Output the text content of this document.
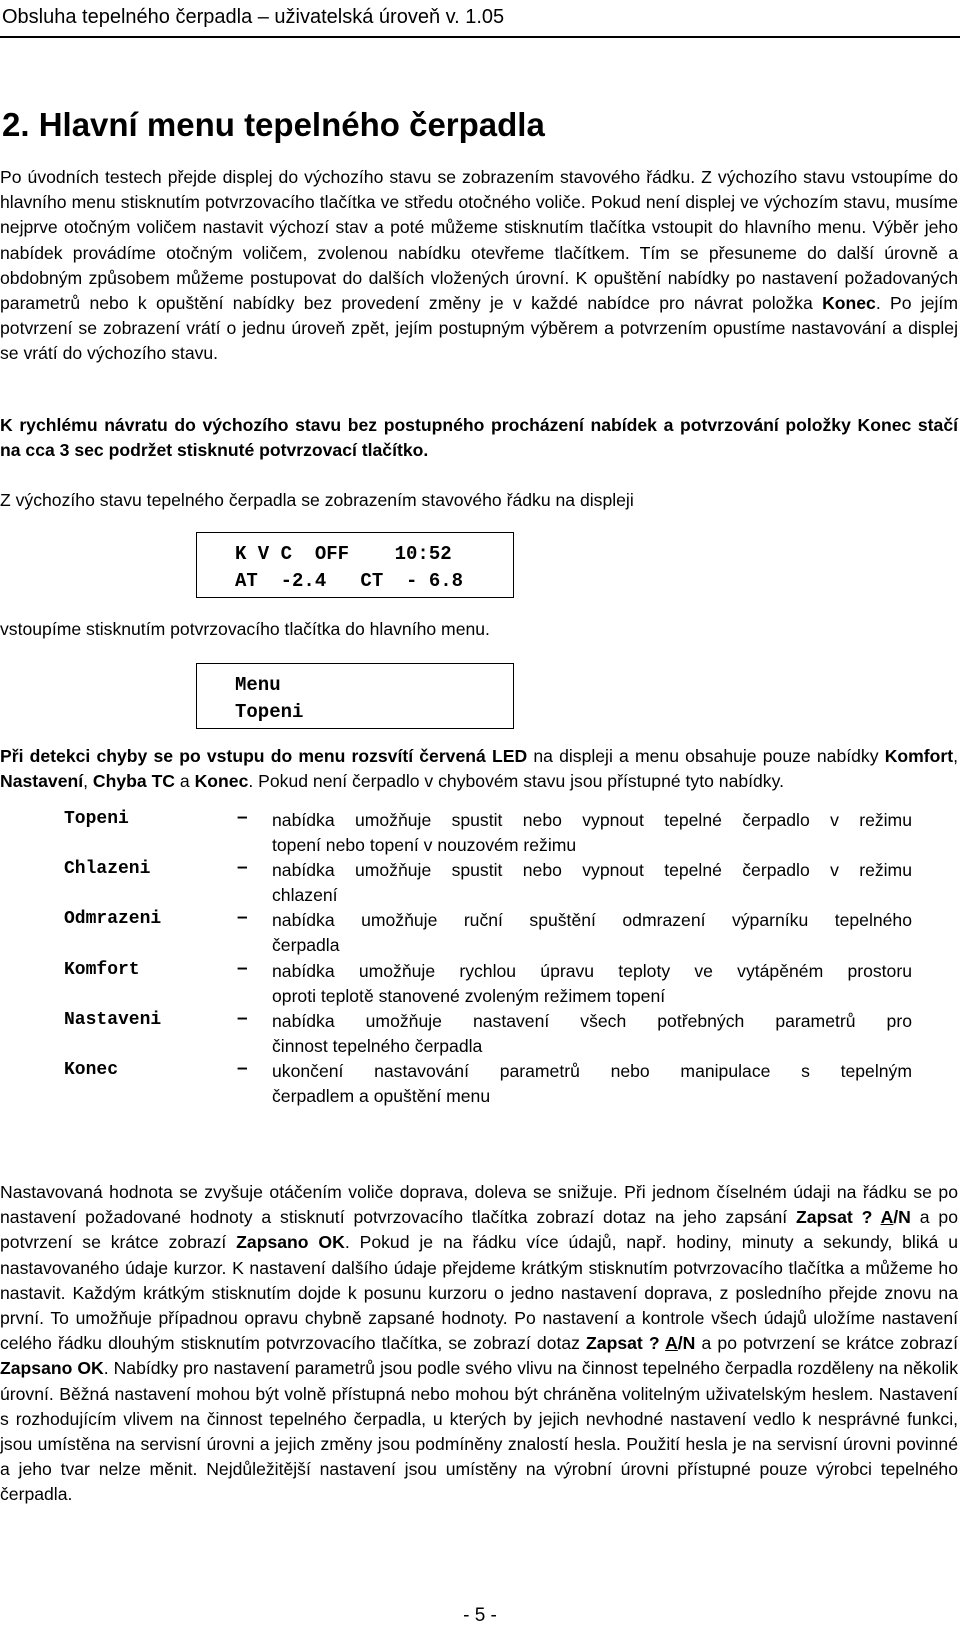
Obsluha tepelného čerpadla – uživatelská úroveň v. 1.05
2. Hlavní menu tepelného čerpadla

Po úvodních testech přejde displej do výchozího stavu se zobrazením stavového řádku. Z výchozího stavu vstoupíme do hlavního menu stisknutím potvrzovacího tlačítka ve středu otočného voliče. Pokud není displej ve výchozím stavu, musíme nejprve otočným voličem nastavit výchozí stav a poté můžeme stisknutím tlačítka vstoupit do hlavního menu. Výběr jeho nabídek provádíme otočným voličem, zvolenou nabídku otevřeme tlačítkem. Tím se přesuneme do další úrovně a obdobným způsobem můžeme postupovat do dalších vložených úrovní. K opuštění nabídky po nastavení požadovaných parametrů nebo k opuštění nabídky bez provedení změny je v každé nabídce pro návrat položka Konec. Po jejím potvrzení se zobrazení vrátí o jednu úroveň zpět, jejím postupným výběrem a potvrzením opustíme nastavování a displej se vrátí do výchozího stavu.

K rychlému návratu do výchozího stavu bez postupného procházení nabídek a potvrzování položky Konec stačí na cca 3 sec podržet stisknuté potvrzovací tlačítko.

Z výchozího stavu tepelného čerpadla se zobrazením stavového řádku na displeji

K V C  OFF    10:52
AT  -2.4   CT  - 6.8

vstoupíme stisknutím potvrzovacího tlačítka do hlavního menu.

Menu
Topeni

Při detekci chyby se po vstupu do menu rozsvítí červená LED na displeji a menu obsahuje pouze nabídky Komfort, Nastavení, Chyba TC a Konec. Pokud není čerpadlo v chybovém stavu jsou přístupné tyto nabídky.

Topeni	– nabídka umožňuje spustit nebo vypnout tepelné čerpadlo v režimu
topení nebo topení v nouzovém režimu

Chlazeni	– nabídka umožňuje spustit nebo vypnout tepelné čerpadlo v režimu
chlazení

Odmrazeni	– nabídka umožňuje ruční spuštění odmrazení výparníku tepelného
čerpadla

Komfort	– nabídka umožňuje rychlou úpravu teploty ve vytápěném prostoru
oproti teplotě stanovené zvoleným režimem topení

Nastaveni	– nabídka umožňuje nastavení všech potřebných parametrů pro
činnost tepelného čerpadla

Konec	– ukončení nastavování parametrů nebo manipulace s tepelným
čerpadlem a opuštění menu

Nastavovaná hodnota se zvyšuje otáčením voliče doprava, doleva se snižuje. Při jednom číselném údaji na řádku se po nastavení požadované hodnoty a stisknutí potvrzovacího tlačítka zobrazí dotaz na jeho zapsání Zapsat ? A/N a po potvrzení se krátce zobrazí Zapsano OK. Pokud je na řádku více údajů, např. hodiny, minuty a sekundy, bliká u nastavovaného údaje kurzor. K nastavení dalšího údaje přejdeme krátkým stisknutím potvrzovacího tlačítka a můžeme ho nastavit. Každým krátkým stisknutím dojde k posunu kurzoru o jedno nastavení doprava, z posledního přejde znovu na první. To umožňuje případnou opravu chybně zapsané hodnoty. Po nastavení a kontrole všech údajů uložíme nastavení celého řádku dlouhým stisknutím potvrzovacího tlačítka, se zobrazí dotaz Zapsat ? A/N a po potvrzení se krátce zobrazí Zapsano OK. Nabídky pro nastavení parametrů jsou podle svého vlivu na činnost tepelného čerpadla rozděleny na několik úrovní. Běžná nastavení mohou být volně přístupná nebo mohou být chráněna volitelným uživatelským heslem. Nastavení s rozhodujícím vlivem na činnost tepelného čerpadla, u kterých by jejich nevhodné nastavení vedlo k nesprávné funkci, jsou umístěna na servisní úrovni a jejich změny jsou podmíněny znalostí hesla. Použití hesla je na servisní úrovni povinné a jeho tvar nelze měnit. Nejdůležitější nastavení jsou umístěny na výrobní úrovni přístupné pouze výrobci tepelného čerpadla.

- 5 -
